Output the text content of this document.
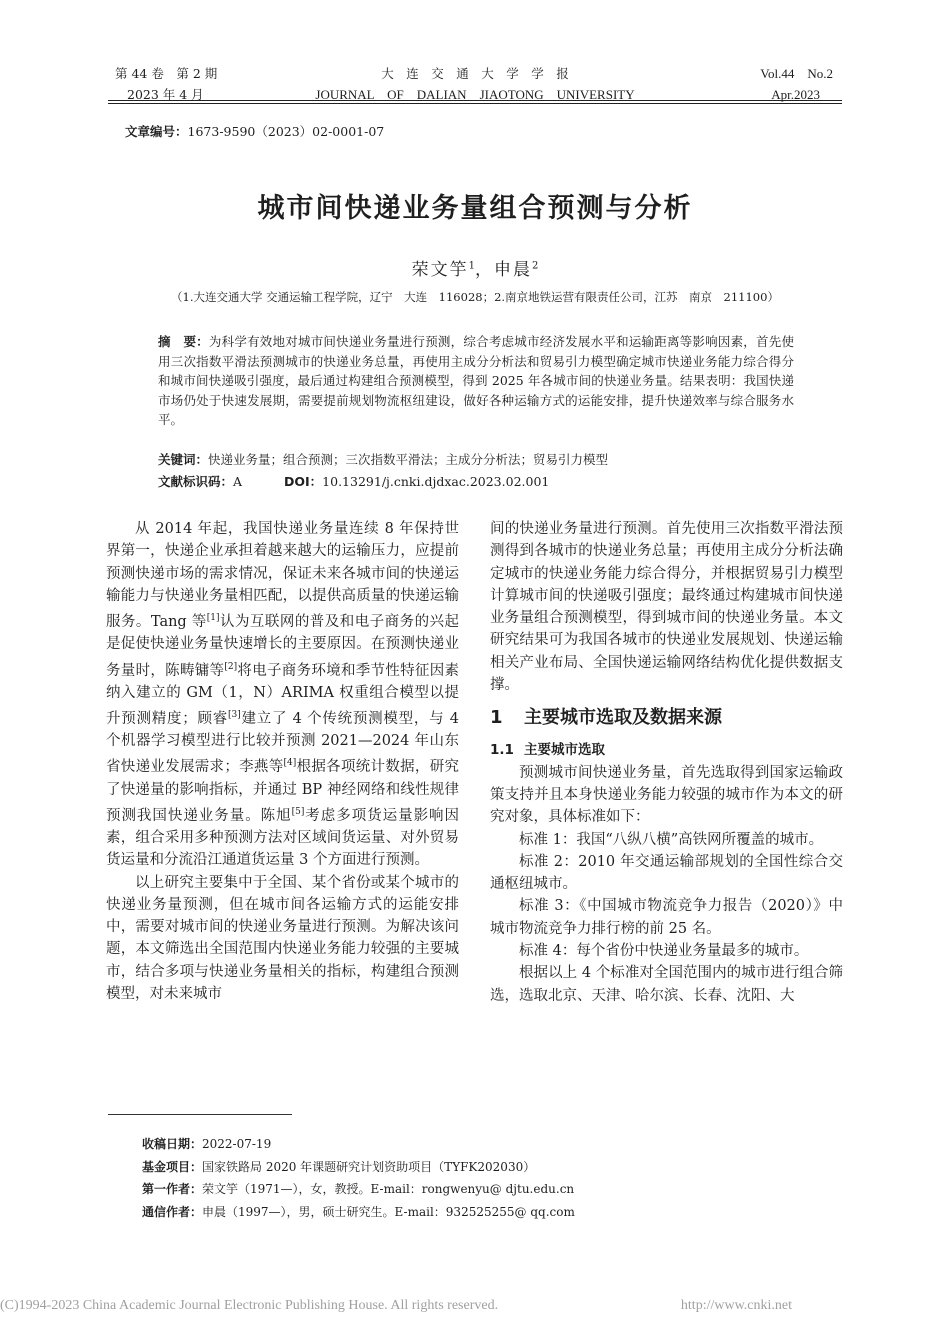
第 44 卷　第 2 期
2023 年 4 月
大　连　交　通　大　学　学　报
JOURNAL　OF　DALIAN　JIAOTONG　UNIVERSITY
Vol.44　No.2
Apr.2023
文章编号：1673-9590（2023）02-0001-07
城市间快递业务量组合预测与分析
荣文竽$^1$，申晨$^2$
（1.大连交通大学 交通运输工程学院，辽宁　大连　116028；2.南京地铁运营有限责任公司，江苏　南京　211100）
摘　要：为科学有效地对城市间快递业务量进行预测，综合考虑城市经济发展水平和运输距离等影响因素，首先使用三次指数平滑法预测城市的快递业务总量，再使用主成分分析法和贸易引力模型确定城市快递业务能力综合得分和城市间快递吸引强度，最后通过构建组合预测模型，得到 2025 年各城市间的快递业务量。结果表明：我国快递市场仍处于快速发展期，需要提前规划物流枢纽建设，做好各种运输方式的运能安排，提升快递效率与综合服务水平。
关键词：快递业务量；组合预测；三次指数平滑法；主成分分析法；贸易引力模型
文献标识码：A	DOI：10.13291/j.cnki.djdxac.2023.02.001

从 2014 年起，我国快递业务量连续 8 年保持世界第一，快递企业承担着越来越大的运输压力，应提前预测快递市场的需求情况，保证未来各城市间的快递运输能力与快递业务量相匹配，以提供高质量的快递运输服务。Tang 等[1]认为互联网的普及和电子商务的兴起是促使快递业务量快速增长的主要原因。在预测快递业务量时，陈畴镛等[2]将电子商务环境和季节性特征因素纳入建立的 GM（1，N）ARIMA 权重组合模型以提升预测精度；顾睿[3]建立了 4 个传统预测模型，与 4 个机器学习模型进行比较并预测 2021—2024 年山东省快递业发展需求；李燕等[4]根据各项统计数据，研究了快递量的影响指标，并通过 BP 神经网络和线性规律预测我国快递业务量。陈旭[5]考虑多项货运量影响因素，组合采用多种预测方法对区域间货运量、对外贸易货运量和分流沿江通道货运量 3 个方面进行预测。

以上研究主要集中于全国、某个省份或某个城市的快递业务量预测，但在城市间各运输方式的运能安排中，需要对城市间的快递业务量进行预测。为解决该问题，本文筛选出全国范围内快递业务能力较强的主要城市，结合多项与快递业务量相关的指标，构建组合预测模型，对未来城市

间的快递业务量进行预测。首先使用三次指数平滑法预测得到各城市的快递业务总量；再使用主成分分析法确定城市的快递业务能力综合得分，并根据贸易引力模型计算城市间的快递吸引强度；最终通过构建城市间快递业务量组合预测模型，得到城市间的快递业务量。本文研究结果可为我国各城市的快递业发展规划、快递运输相关产业布局、全国快递运输网络结构优化提供数据支撑。

1 主要城市选取及数据来源

1.1 主要城市选取

预测城市间快递业务量，首先选取得到国家运输政策支持并且本身快递业务能力较强的城市作为本文的研究对象，具体标准如下：

标准 1：我国“八纵八横”高铁网所覆盖的城市。

标准 2：2010 年交通运输部规划的全国性综合交通枢纽城市。

标准 3：《中国城市物流竞争力报告（2020）》中城市物流竞争力排行榜的前 25 名。

标准 4：每个省份中快递业务量最多的城市。

根据以上 4 个标准对全国范围内的城市进行组合筛选，选取北京、天津、哈尔滨、长春、沈阳、大

收稿日期：2022-07-19
基金项目：国家铁路局 2020 年课题研究计划资助项目（TYFK202030）
第一作者：荣文竽（1971—），女，教授。E-mail：rongwenyu@ djtu.edu.cn
通信作者：申晨（1997—），男，硕士研究生。E-mail：932525255@ qq.com
(C)1994-2023 China Academic Journal Electronic Publishing House. All rights reserved.	http://www.cnki.net
